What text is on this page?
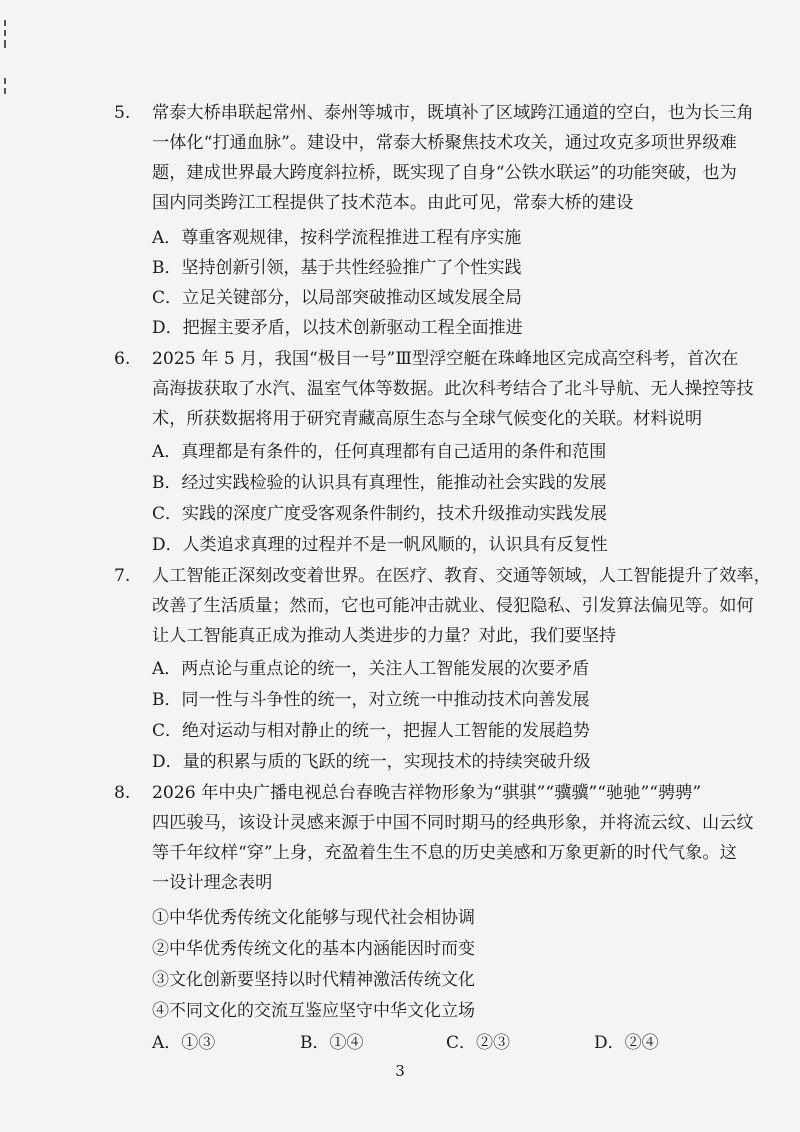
5. 常泰大桥串联起常州、泰州等城市，既填补了区域跨江通道的空白，也为长三角
一体化“打通血脉”。建设中，常泰大桥聚焦技术攻关，通过攻克多项世界级难
题，建成世界最大跨度斜拉桥，既实现了自身“公铁水联运”的功能突破，也为
国内同类跨江工程提供了技术范本。由此可见，常泰大桥的建设
A．尊重客观规律，按科学流程推进工程有序实施
B．坚持创新引领，基于共性经验推广了个性实践
C．立足关键部分，以局部突破推动区域发展全局
D．把握主要矛盾，以技术创新驱动工程全面推进
6. 2025 年 5 月，我国“极目一号”Ⅲ型浮空艇在珠峰地区完成高空科考，首次在
高海拔获取了水汽、温室气体等数据。此次科考结合了北斗导航、无人操控等技
术，所获数据将用于研究青藏高原生态与全球气候变化的关联。材料说明
A．真理都是有条件的，任何真理都有自己适用的条件和范围
B．经过实践检验的认识具有真理性，能推动社会实践的发展
C．实践的深度广度受客观条件制约，技术升级推动实践发展
D．人类追求真理的过程并不是一帆风顺的，认识具有反复性
7. 人工智能正深刻改变着世界。在医疗、教育、交通等领域，人工智能提升了效率，
改善了生活质量；然而，它也可能冲击就业、侵犯隐私、引发算法偏见等。如何
让人工智能真正成为推动人类进步的力量？对此，我们要坚持
A．两点论与重点论的统一，关注人工智能发展的次要矛盾
B．同一性与斗争性的统一，对立统一中推动技术向善发展
C．绝对运动与相对静止的统一，把握人工智能的发展趋势
D．量的积累与质的飞跃的统一，实现技术的持续突破升级
8. 2026 年中央广播电视总台春晚吉祥物形象为“骐骐”“骥骥”“驰驰”“骋骋”
四匹骏马，该设计灵感来源于中国不同时期马的经典形象，并将流云纹、山云纹
等千年纹样“穿”上身，充盈着生生不息的历史美感和万象更新的时代气象。这
一设计理念表明
①中华优秀传统文化能够与现代社会相协调
②中华优秀传统文化的基本内涵能因时而变
③文化创新要坚持以时代精神激活传统文化
④不同文化的交流互鉴应坚守中华文化立场
A．①③	B．①④	C．②③	D．②④
3
